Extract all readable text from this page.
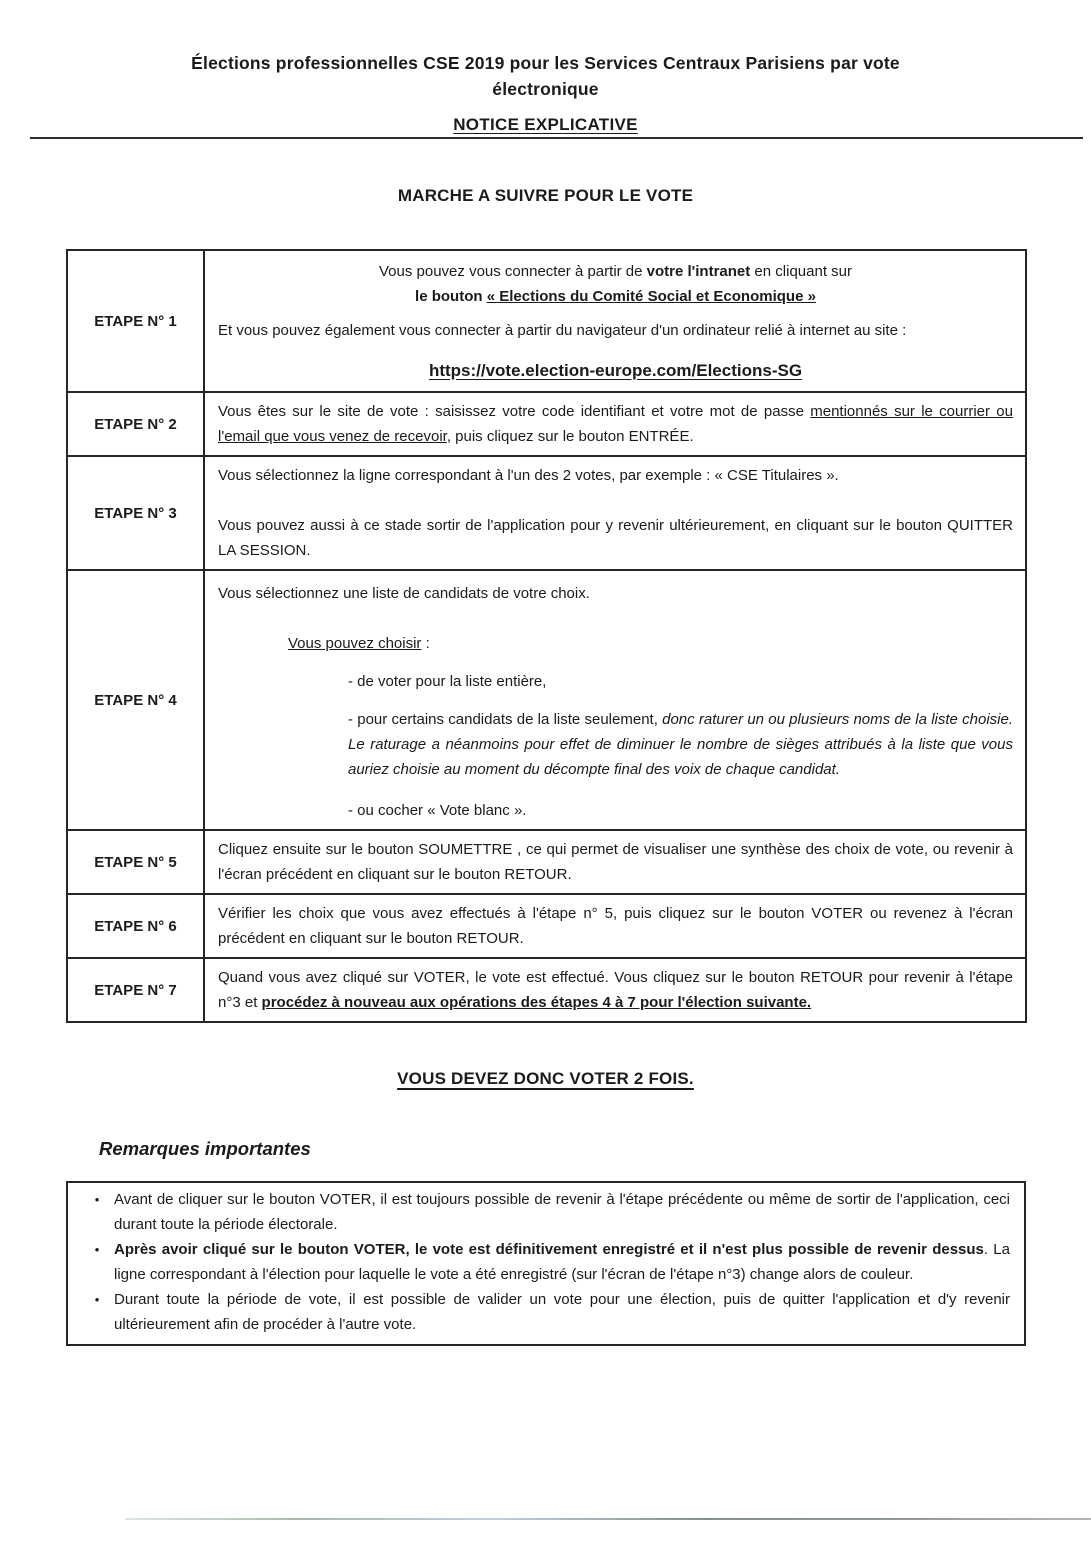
Élections professionnelles CSE 2019 pour les Services Centraux Parisiens par vote
électronique
NOTICE EXPLICATIVE
MARCHE A SUIVRE POUR LE VOTE
ETAPE N° 1	Vous pouvez vous connecter à partir de votre l'intranet en cliquant sur
le bouton « Elections du Comité Social et Economique »

Et vous pouvez également vous connecter à partir du navigateur d'un ordinateur relié à internet au site :

https://vote.election-europe.com/Elections-SG

ETAPE N° 2	Vous êtes sur le site de vote : saisissez votre code identifiant et votre mot de passe mentionnés sur le courrier ou l'email que vous venez de recevoir, puis cliquez sur le bouton ENTRÉE.

ETAPE N° 3	Vous sélectionnez la ligne correspondant à l'un des 2 votes, par exemple : « CSE Titulaires ».

Vous pouvez aussi à ce stade sortir de l'application pour y revenir ultérieurement, en cliquant sur le bouton QUITTER LA SESSION.

ETAPE N° 4	Vous sélectionnez une liste de candidats de votre choix.

Vous pouvez choisir :

- de voter pour la liste entière,

- pour certains candidats de la liste seulement, donc raturer un ou plusieurs noms de la liste choisie. Le raturage a néanmoins pour effet de diminuer le nombre de sièges attribués à la liste que vous auriez choisie au moment du décompte final des voix de chaque candidat.

- ou cocher « Vote blanc ».

ETAPE N° 5	Cliquez ensuite sur le bouton SOUMETTRE , ce qui permet de visualiser une synthèse des choix de vote, ou revenir à l'écran précédent en cliquant sur le bouton RETOUR.

ETAPE N° 6	Vérifier les choix que vous avez effectués à l'étape n° 5, puis cliquez sur le bouton VOTER ou revenez à l'écran précédent en cliquant sur le bouton RETOUR.

ETAPE N° 7	Quand vous avez cliqué sur VOTER, le vote est effectué. Vous cliquez sur le bouton RETOUR pour revenir à l'étape n°3 et procédez à nouveau aux opérations des étapes 4 à 7 pour l'élection suivante.

VOUS DEVEZ DONC VOTER 2 FOIS.
Remarques importantes
• Avant de cliquer sur le bouton VOTER, il est toujours possible de revenir à l'étape précédente ou même de sortir de l'application, ceci durant toute la période électorale.
• Après avoir cliqué sur le bouton VOTER, le vote est définitivement enregistré et il n'est plus possible de revenir dessus. La ligne correspondant à l'élection pour laquelle le vote a été enregistré (sur l'écran de l'étape n°3) change alors de couleur.
• Durant toute la période de vote, il est possible de valider un vote pour une élection, puis de quitter l'application et d'y revenir ultérieurement afin de procéder à l'autre vote.
